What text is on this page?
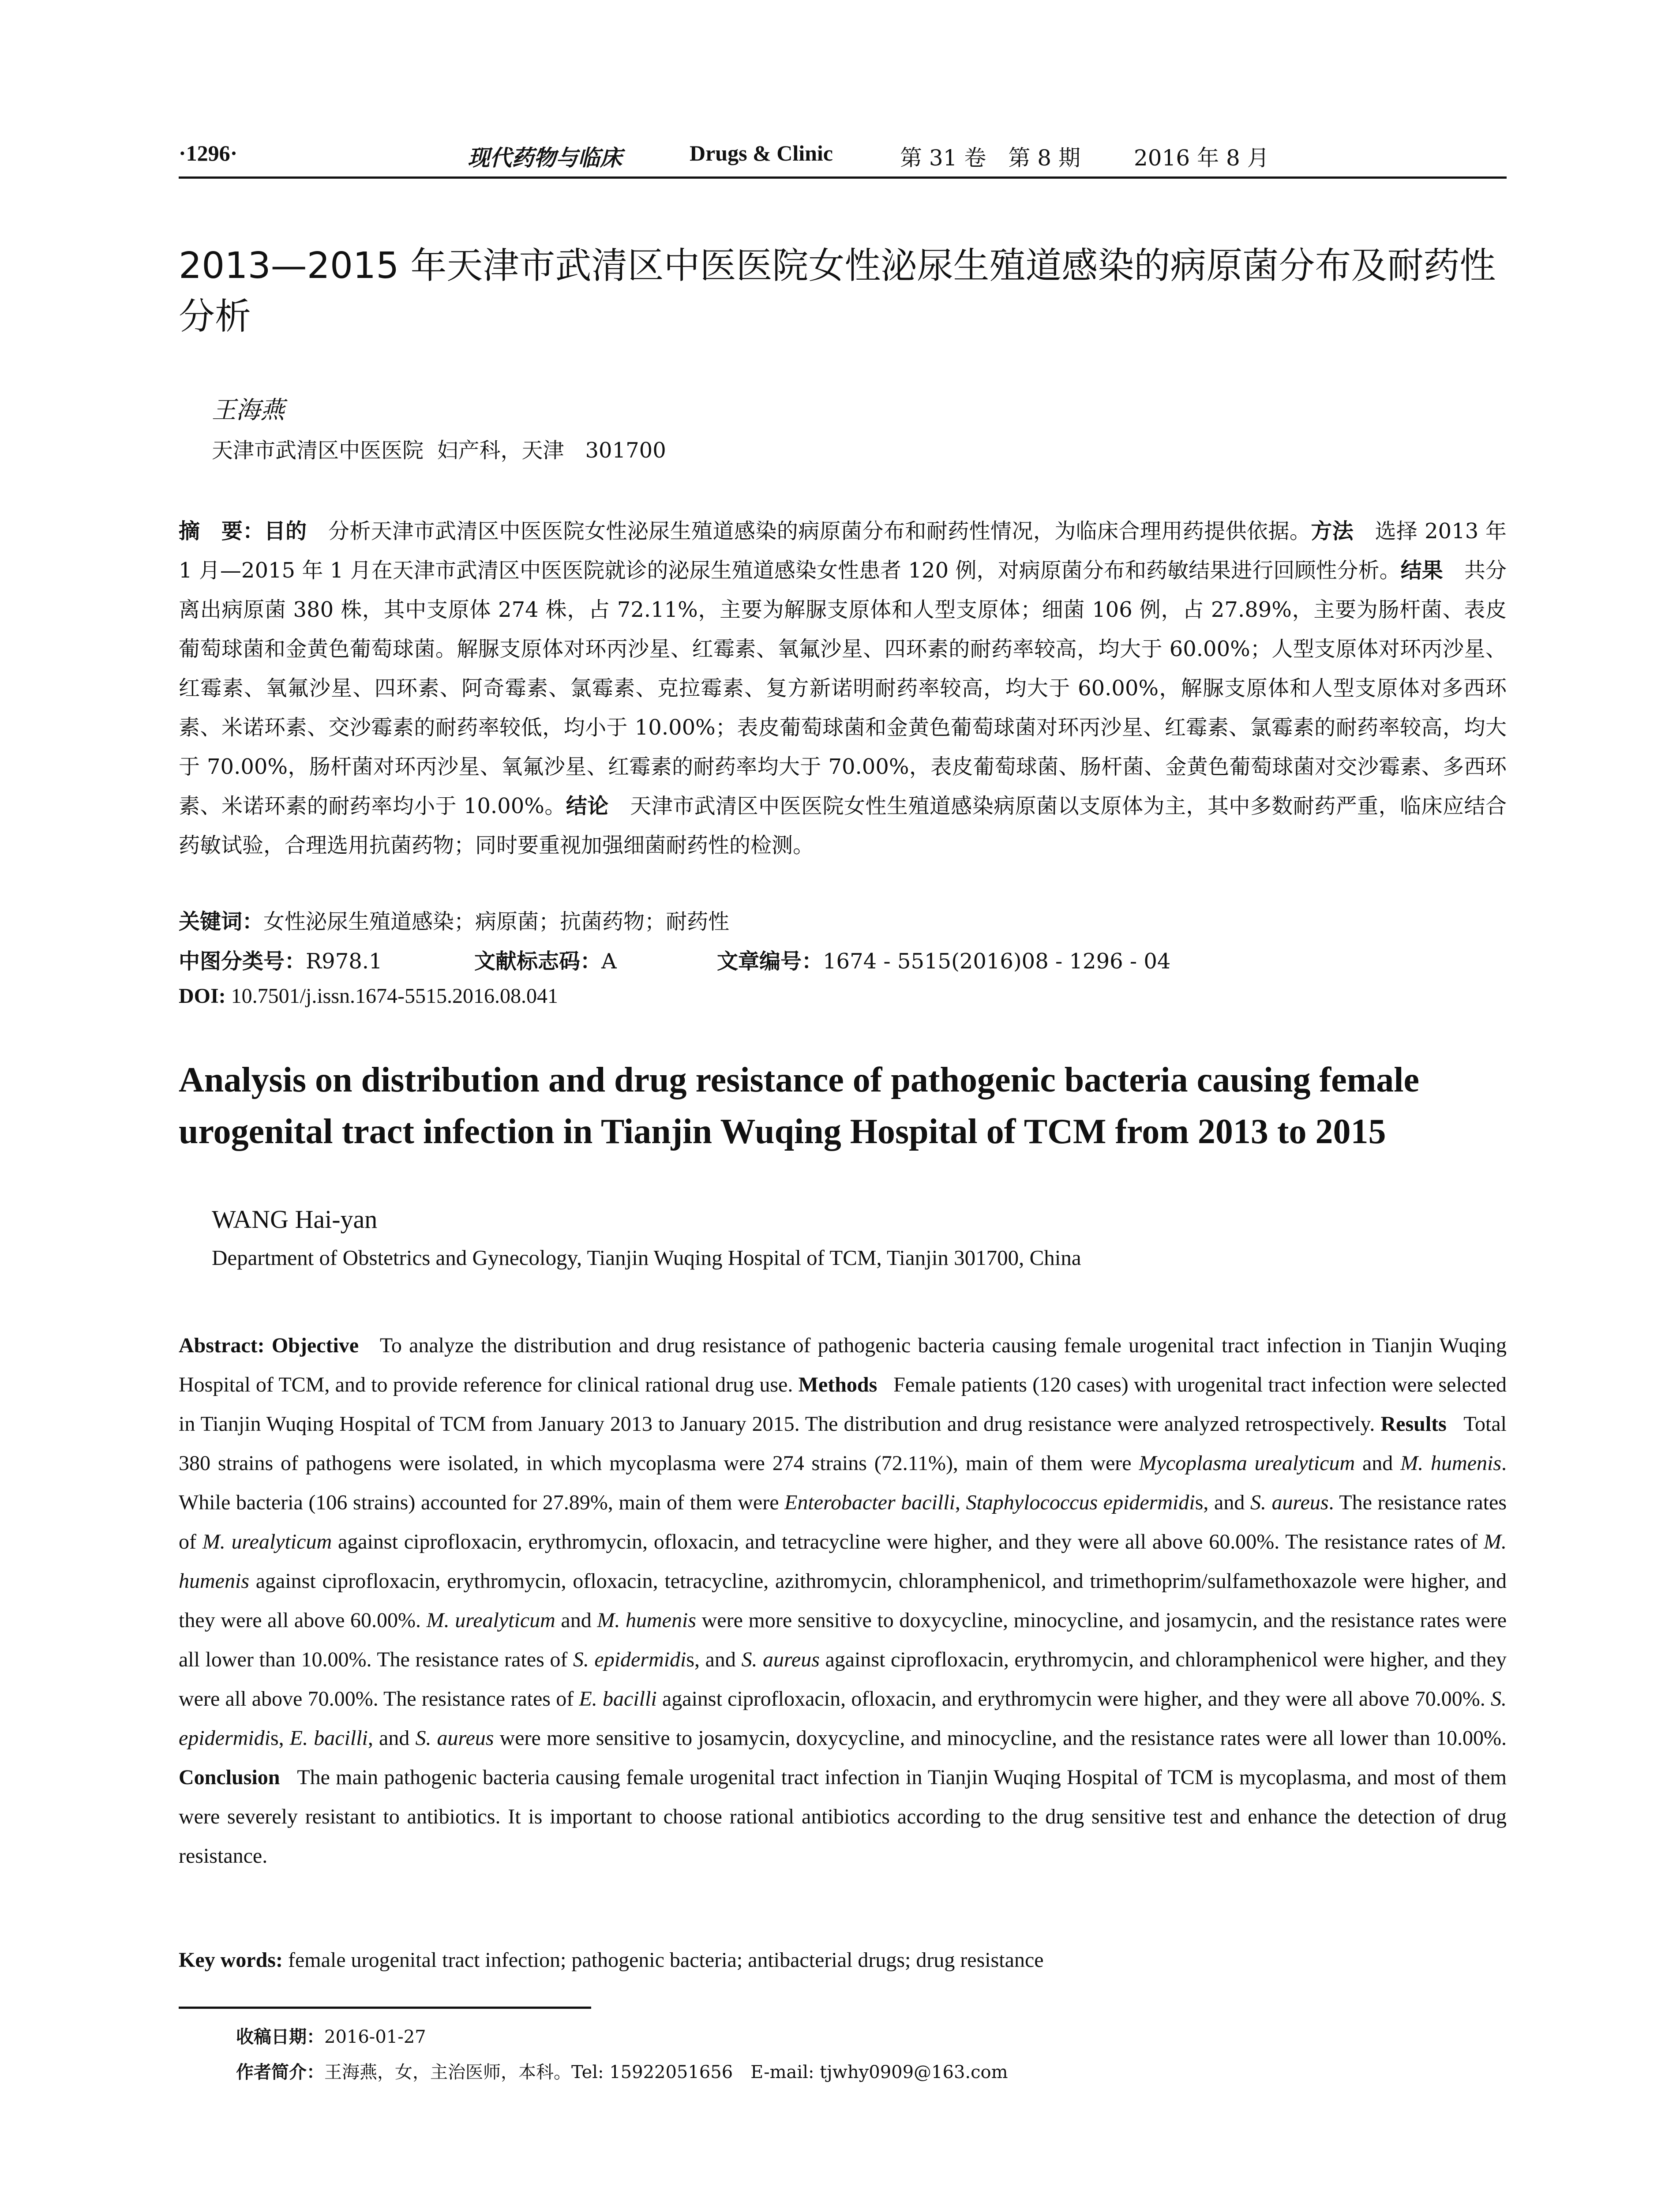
·1296·	现代药物与临床	Drugs & Clinic	第 31 卷　第 8 期 2016 年 8 月
2013—2015 年天津市武清区中医医院女性泌尿生殖道感染的病原菌分布及耐药性分析
王海燕
天津市武清区中医医院  妇产科，天津　301700
摘　要：目的　分析天津市武清区中医医院女性泌尿生殖道感染的病原菌分布和耐药性情况，为临床合理用药提供依据。方法　选择 2013 年 1 月—2015 年 1 月在天津市武清区中医医院就诊的泌尿生殖道感染女性患者 120 例，对病原菌分布和药敏结果进行回顾性分析。结果　共分离出病原菌 380 株，其中支原体 274 株，占 72.11%，主要为解脲支原体和人型支原体；细菌 106 例，占 27.89%，主要为肠杆菌、表皮葡萄球菌和金黄色葡萄球菌。解脲支原体对环丙沙星、红霉素、氧氟沙星、四环素的耐药率较高，均大于 60.00%；人型支原体对环丙沙星、红霉素、氧氟沙星、四环素、阿奇霉素、氯霉素、克拉霉素、复方新诺明耐药率较高，均大于 60.00%，解脲支原体和人型支原体对多西环素、米诺环素、交沙霉素的耐药率较低，均小于 10.00%；表皮葡萄球菌和金黄色葡萄球菌对环丙沙星、红霉素、氯霉素的耐药率较高，均大于 70.00%，肠杆菌对环丙沙星、氧氟沙星、红霉素的耐药率均大于 70.00%，表皮葡萄球菌、肠杆菌、金黄色葡萄球菌对交沙霉素、多西环素、米诺环素的耐药率均小于 10.00%。结论　天津市武清区中医医院女性生殖道感染病原菌以支原体为主，其中多数耐药严重，临床应结合药敏试验，合理选用抗菌药物；同时要重视加强细菌耐药性的检测。
关键词：女性泌尿生殖道感染；病原菌；抗菌药物；耐药性

中图分类号：R978.1

	文献标志码：A

	文章编号：1674 - 5515(2016)08 - 1296 - 04

DOI: 10.7501/j.issn.1674-5515.2016.08.041
Analysis on distribution and drug resistance of pathogenic bacteria causing female urogenital tract infection in Tianjin Wuqing Hospital of TCM from 2013 to 2015
WANG Hai-yan
Department of Obstetrics and Gynecology, Tianjin Wuqing Hospital of TCM, Tianjin 301700, China
Abstract: Objective To analyze the distribution and drug resistance of pathogenic bacteria causing female urogenital tract infection in Tianjin Wuqing Hospital of TCM, and to provide reference for clinical rational drug use. Methods Female patients (120 cases) with urogenital tract infection were selected in Tianjin Wuqing Hospital of TCM from January 2013 to January 2015. The distribution and drug resistance were analyzed retrospectively. Results Total 380 strains of pathogens were isolated, in which mycoplasma were 274 strains (72.11%), main of them were Mycoplasma urealyticum and M. humenis. While bacteria (106 strains) accounted for 27.89%, main of them were Enterobacter bacilli, Staphylococcus epidermidis, and S. aureus. The resistance rates of M. urealyticum against ciprofloxacin, erythromycin, ofloxacin, and tetracycline were higher, and they were all above 60.00%. The resistance rates of M. humenis against ciprofloxacin, erythromycin, ofloxacin, tetracycline, azithromycin, chloramphenicol, and trimethoprim/sulfamethoxazole were higher, and they were all above 60.00%. M. urealyticum and M. humenis were more sensitive to doxycycline, minocycline, and josamycin, and the resistance rates were all lower than 10.00%. The resistance rates of S. epidermidis, and S. aureus against ciprofloxacin, erythromycin, and chloramphenicol were higher, and they were all above 70.00%. The resistance rates of E. bacilli against ciprofloxacin, ofloxacin, and erythromycin were higher, and they were all above 70.00%. S. epidermidis, E. bacilli, and S. aureus were more sensitive to josamycin, doxycycline, and minocycline, and the resistance rates were all lower than 10.00%. Conclusion The main pathogenic bacteria causing female urogenital tract infection in Tianjin Wuqing Hospital of TCM is mycoplasma, and most of them were severely resistant to antibiotics. It is important to choose rational antibiotics according to the drug sensitive test and enhance the detection of drug resistance.
Key words: female urogenital tract infection; pathogenic bacteria; antibacterial drugs; drug resistance
收稿日期：2016-01-27
作者简介：王海燕，女，主治医师，本科。Tel: 15922051656　E-mail: tjwhy0909@163.com
